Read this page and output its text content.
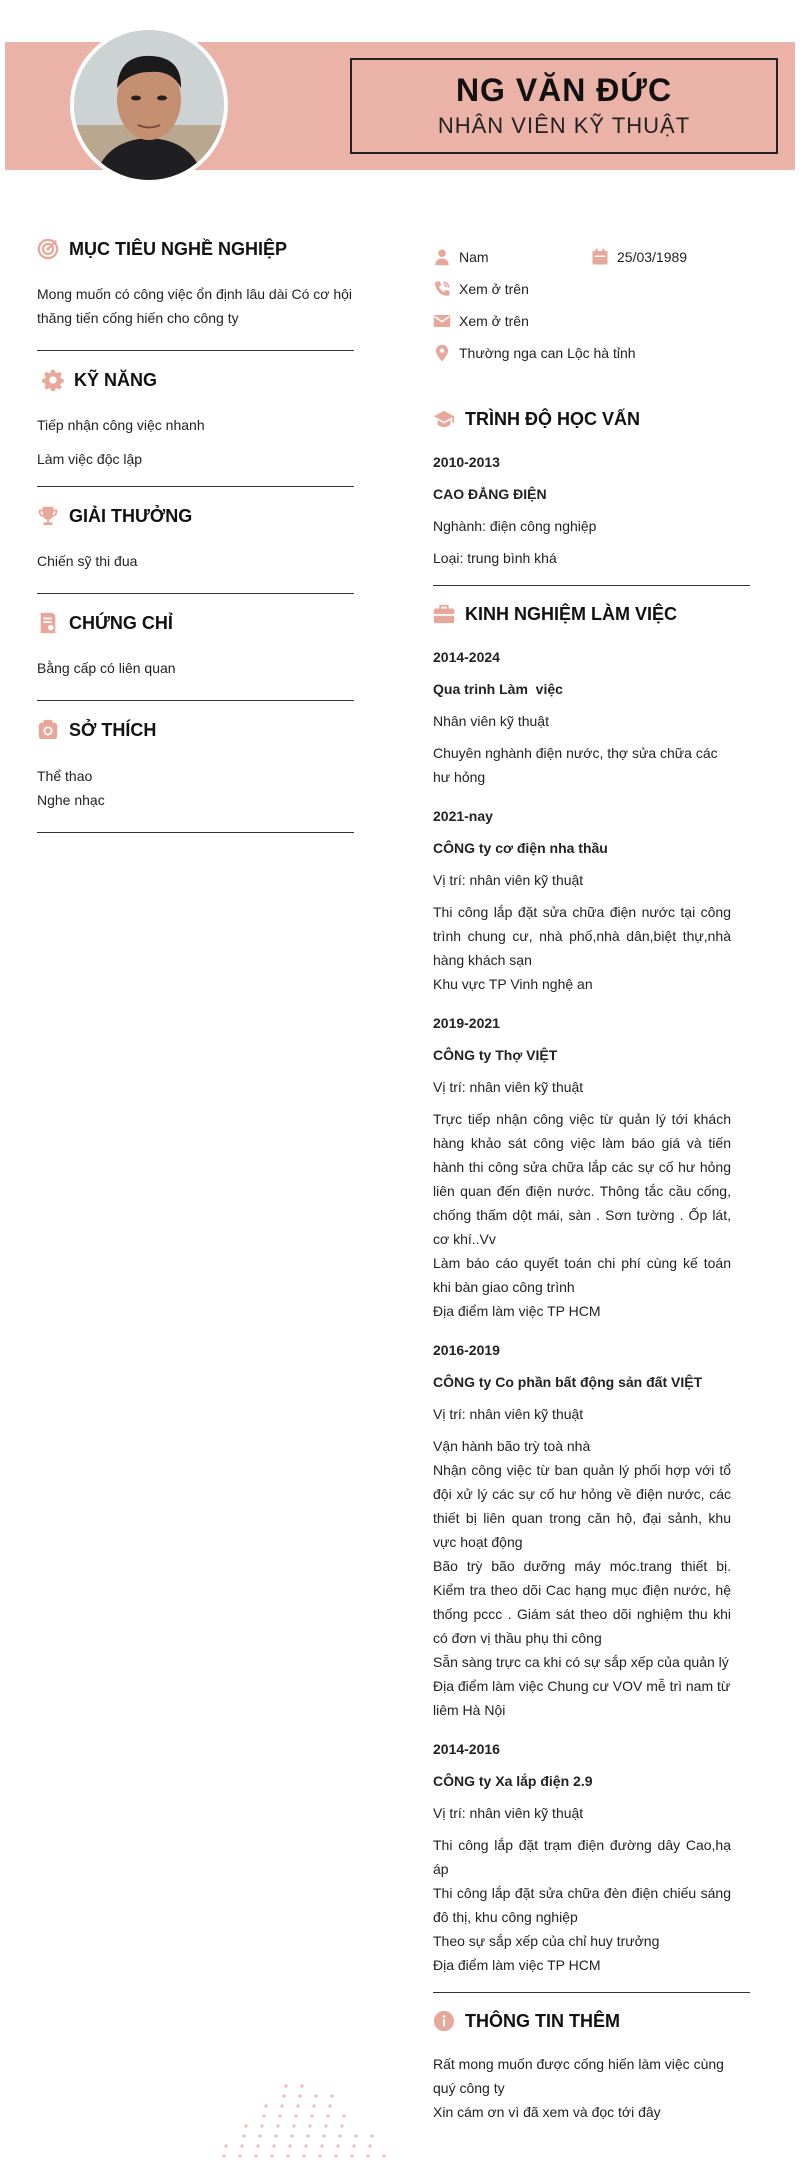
NG VĂN ĐỨC
NHÂN VIÊN KỸ THUẬT
MỤC TIÊU NGHỀ NGHIỆP
Mong muốn có công việc ổn định lâu dài Có cơ hội thăng tiến cống hiến cho công ty
KỸ NĂNG
Tiếp nhận công việc nhanh
Làm việc độc lập
GIẢI THƯỞNG
Chiến sỹ thi đua
CHỨNG CHỈ
Bằng cấp có liên quan
SỞ THÍCH
Thể thao
Nghe nhạc
Nam	25/03/1989
Xem ở trên
Xem ở trên
Thường nga can Lộc hà tỉnh
TRÌNH ĐỘ HỌC VẤN
2010-2013
CAO ĐẲNG ĐIỆN
Nghành: điện công nghiệp
Loại: trung bình khá
KINH NGHIỆM LÀM VIỆC
2014-2024
Qua trinh Làm  việc
Nhân viên kỹ thuật
Chuyên nghành điện nước, thợ sửa chữa các hư hỏng
2021-nay
CÔNG ty cơ điện nha thầu
Vị trí: nhân viên kỹ thuật
Thi công lắp đặt sửa chữa điện nước tại công trình chung cư, nhà phố,nhà dân,biệt thự,nhà hàng khách sạn
Khu vực TP Vinh nghệ an
2019-2021
CÔNG ty Thợ VIỆT
Vị trí: nhân viên kỹ thuật
Trực tiếp nhận công việc từ quản lý tới khách hàng khảo sát công việc làm báo giá và tiến hành thi công sửa chữa lắp các sự cố hư hỏng liên quan đến điện nước. Thông tắc cầu cống, chống thấm dột mái, sàn . Sơn tường . Ốp lát, cơ khí..Vv
Làm báo cáo quyết toán chi phí cùng kế toán khi bàn giao công trình
Địa điểm làm việc TP HCM
2016-2019
CÔNG ty Co phần bất động sản đất VIỆT
Vị trí: nhân viên kỹ thuật
Vận hành bão trỳ toà nhà
Nhận công việc từ ban quản lý phối hợp với tổ đội xử lý các sự cố hư hỏng về điện nước, các thiết bị liên quan trong căn hộ, đại sảnh, khu vực hoạt động
Bão trỳ bão dưỡng máy móc.trang thiết bị. Kiểm tra theo dõi Cac hạng mục điện nước, hệ thống pccc . Giám sát theo dõi nghiệm thu khi có đơn vị thầu phụ thi công
Sẵn sàng trực ca khi có sự sắp xếp của quản lý
Địa điểm làm việc Chung cư VOV mễ trì nam từ liêm Hà Nội
2014-2016
CÔNG ty Xa lắp điện 2.9
Vị trí: nhân viên kỹ thuật
Thi công lắp đặt trạm điện đường dây Cao,hạ áp
Thi công lắp đặt sửa chữa đèn điện chiếu sáng đô thị, khu công nghiệp
Theo sự sắp xếp của chỉ huy trưởng
Địa điểm làm việc TP HCM
THÔNG TIN THÊM
Rất mong muốn được cống hiến làm việc cùng quý công ty
Xin cám ơn vì đã xem và đọc tới đây
